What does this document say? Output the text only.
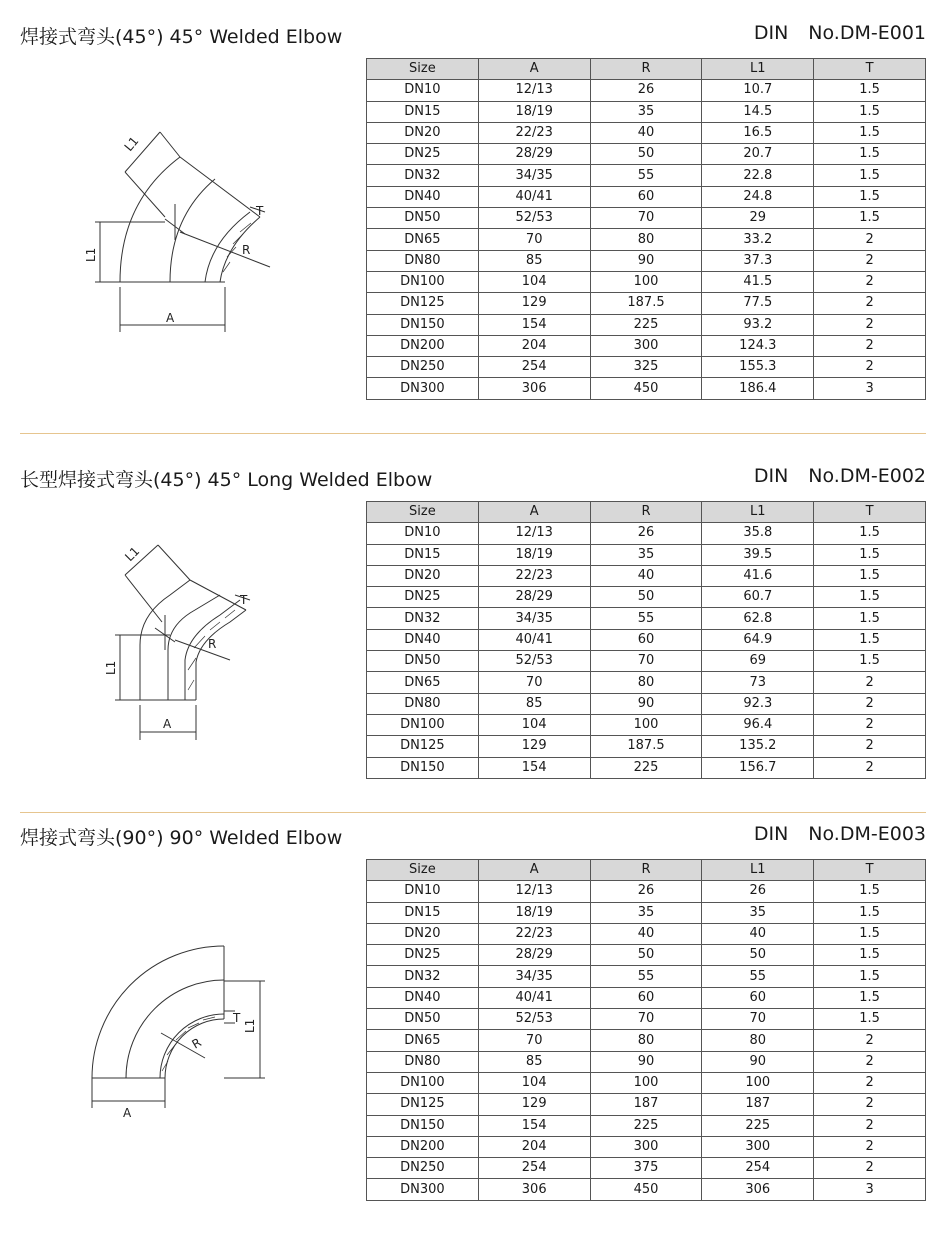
焊接式弯头(45°) 45° Welded Elbow	DIN No.DM-E001
L1
L1
T
R
A
Size	A	R	L1	T
DN10	12/13	26	10.7	1.5
DN15	18/19	35	14.5	1.5
DN20	22/23	40	16.5	1.5
DN25	28/29	50	20.7	1.5
DN32	34/35	55	22.8	1.5
DN40	40/41	60	24.8	1.5
DN50	52/53	70	29	1.5
DN65	70	80	33.2	2
DN80	85	90	37.3	2
DN100	104	100	41.5	2
DN125	129	187.5	77.5	2
DN150	154	225	93.2	2
DN200	204	300	124.3	2
DN250	254	325	155.3	2
DN300	306	450	186.4	3
长型焊接式弯头(45°) 45° Long Welded Elbow	DIN No.DM-E002
L1
L1
T
R
A
Size	A	R	L1	T
DN10	12/13	26	35.8	1.5
DN15	18/19	35	39.5	1.5
DN20	22/23	40	41.6	1.5
DN25	28/29	50	60.7	1.5
DN32	34/35	55	62.8	1.5
DN40	40/41	60	64.9	1.5
DN50	52/53	70	69	1.5
DN65	70	80	73	2
DN80	85	90	92.3	2
DN100	104	100	96.4	2
DN125	129	187.5	135.2	2
DN150	154	225	156.7	2
焊接式弯头(90°) 90° Welded Elbow	DIN No.DM-E003
T
L1
R
A
Size	A	R	L1	T
DN10	12/13	26	26	1.5
DN15	18/19	35	35	1.5
DN20	22/23	40	40	1.5
DN25	28/29	50	50	1.5
DN32	34/35	55	55	1.5
DN40	40/41	60	60	1.5
DN50	52/53	70	70	1.5
DN65	70	80	80	2
DN80	85	90	90	2
DN100	104	100	100	2
DN125	129	187	187	2
DN150	154	225	225	2
DN200	204	300	300	2
DN250	254	375	254	2
DN300	306	450	306	3
